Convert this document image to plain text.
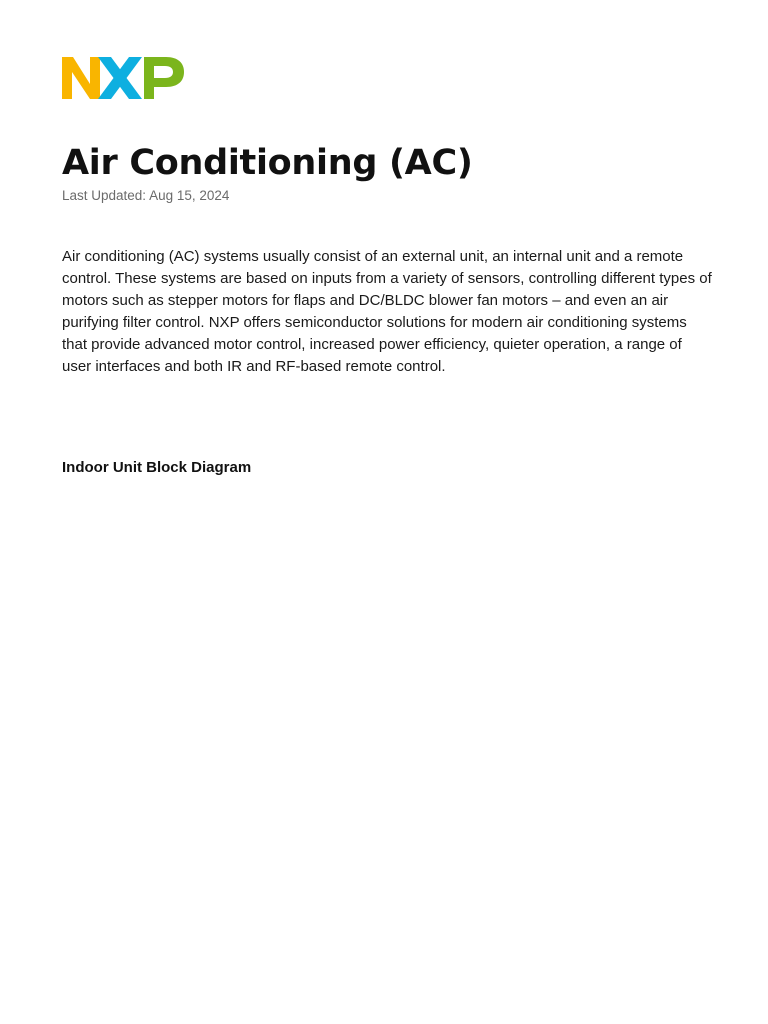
Air Conditioning (AC)

Last Updated: Aug 15, 2024

Air conditioning (AC) systems usually consist of an external unit, an internal unit and a remote control. These systems are based on inputs from a variety of sensors, controlling different types of motors such as stepper motors for flaps and DC/BLDC blower fan motors – and even an air purifying filter control. NXP offers semiconductor solutions for modern air conditioning systems that provide advanced motor control, increased power efficiency, quieter operation, a range of user interfaces and both IR and RF-based remote control.

Indoor Unit Block Diagram
